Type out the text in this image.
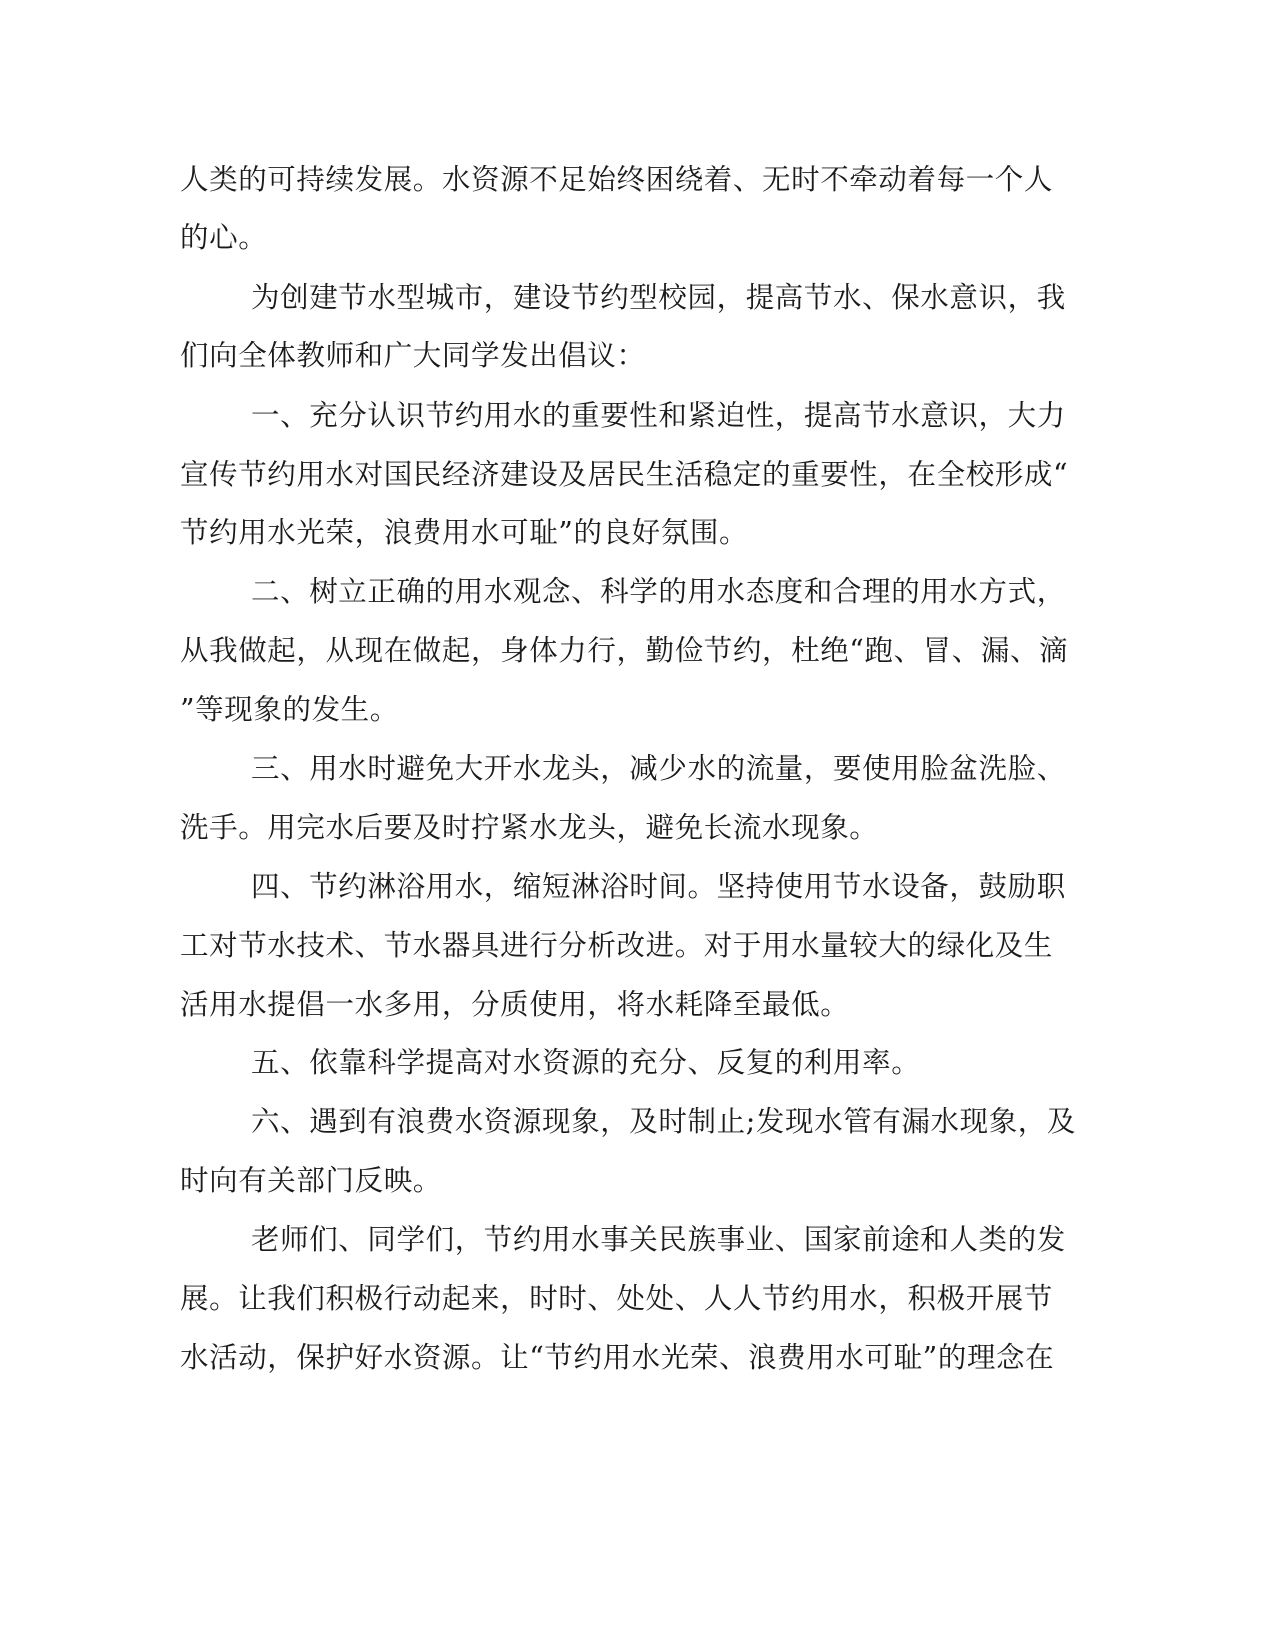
人类的可持续发展。水资源不足始终困绕着、无时不牵动着每一个人
的心。
为创建节水型城市，建设节约型校园，提高节水、保水意识，我
们向全体教师和广大同学发出倡议：
一、充分认识节约用水的重要性和紧迫性，提高节水意识，大力
宣传节约用水对国民经济建设及居民生活稳定的重要性，在全校形成“
节约用水光荣，浪费用水可耻”的良好氛围。
二、树立正确的用水观念、科学的用水态度和合理的用水方式，
从我做起，从现在做起，身体力行，勤俭节约，杜绝“跑、冒、漏、滴
”等现象的发生。
三、用水时避免大开水龙头，减少水的流量，要使用脸盆洗脸、
洗手。用完水后要及时拧紧水龙头，避免长流水现象。
四、节约淋浴用水，缩短淋浴时间。坚持使用节水设备，鼓励职
工对节水技术、节水器具进行分析改进。对于用水量较大的绿化及生
活用水提倡一水多用，分质使用，将水耗降至最低。
五、依靠科学提高对水资源的充分、反复的利用率。
六、遇到有浪费水资源现象，及时制止;发现水管有漏水现象，及
时向有关部门反映。
老师们、同学们，节约用水事关民族事业、国家前途和人类的发
展。让我们积极行动起来，时时、处处、人人节约用水，积极开展节
水活动，保护好水资源。让“节约用水光荣、浪费用水可耻”的理念在
